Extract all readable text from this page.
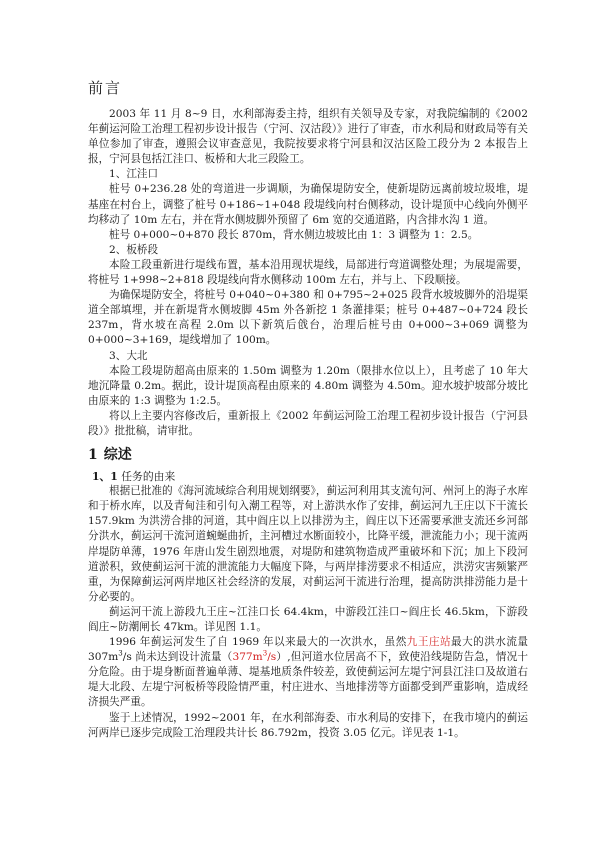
前言

2003 年 11 月 8~9 日，水利部海委主持，组织有关领导及专家，对我院编制的《2002 年蓟运河险工治理工程初步设计报告（宁河、汉沽段）》进行了审查，市水利局和财政局等有关单位参加了审查，遵照会议审查意见，我院按要求将宁河县和汉沽区险工段分为 2 本报告上报，宁河县包括江洼口、板桥和大北三段险工。

1、江洼口

桩号 0+236.28 处的弯道进一步调顺，为确保堤防安全，使新堤防远离前坡垃圾堆，堤基座在村台上，调整了桩号 0+186~1+048 段堤线向村台侧移动，设计堤顶中心线向外侧平均移动了 10m 左右，并在背水侧坡脚外预留了 6m 宽的交通道路，内含排水沟 1 道。

桩号 0+000~0+870 段长 870m，背水侧边坡坡比由 1：3 调整为 1：2.5。

2、板桥段

本险工段重新进行堤线布置，基本沿用现状堤线，局部进行弯道调整处理；为展堤需要，将桩号 1+998~2+818 段堤线向背水侧移动 100m 左右，并与上、下段顺接。

为确保堤防安全，将桩号 0+040~0+380 和 0+795~2+025 段背水坡坡脚外的沿堤渠道全部填埋，并在新堤背水侧坡脚 45m 外各新挖 1 条灌排渠；桩号 0+487~0+724 段长 237m，背水坡在高程 2.0m 以下新筑后戗台，治理后桩号由 0+000~3+069 调整为 0+000~3+169，堤线增加了 100m。

3、大北

本险工段堤防超高由原来的 1.50m 调整为 1.20m（限排水位以上），且考虑了 10 年大地沉降量 0.2m。据此，设计堤顶高程由原来的 4.80m 调整为 4.50m。迎水坡护坡部分坡比由原来的 1:3 调整为 1:2.5。

将以上主要内容修改后，重新报上《2002 年蓟运河险工治理工程初步设计报告（宁河县段）》批批稿，请审批。

1 综述
1、1 任务的由来

根据已批准的《海河流域综合利用规划纲要》，蓟运河利用其支流句河、州河上的海子水库和于桥水库，以及青甸洼和引句入潮工程等，对上游洪水作了安排，蓟运河九王庄以下干流长 157.9km 为洪涝合排的河道，其中阎庄以上以排涝为主，阎庄以下还需要承泄支流还乡河部分洪水，蓟运河干流河道蜿蜒曲折，主河槽过水断面较小，比降平缓，泄流能力小；现干流两岸堤防单薄，1976 年唐山发生剧烈地震，对堤防和建筑物造成严重破坏和下沉；加上下段河道淤积，致使蓟运河干流的泄流能力大幅度下降，与两岸排涝要求不相适应，洪涝灾害频繁严重，为保障蓟运河两岸地区社会经济的发展，对蓟运河干流进行治理，提高防洪排涝能力是十分必要的。

蓟运河干流上游段九王庄~江洼口长 64.4km，中游段江洼口~阎庄长 46.5km，下游段阎庄~防潮闸长 47km。详见图 1.1。

1996 年蓟运河发生了自 1969 年以来最大的一次洪水，虽然九王庄站最大的洪水流量 $307m^3/s$ 尚未达到设计流量$(377m^3/s)$,但河道水位居高不下，致使沿线堤防告急，情况十分危险。由于堤身断面普遍单薄、堤基地质条件较差，致使蓟运河左堤宁河县江洼口及故道右堤大北段、左堤宁河板桥等段险情严重，村庄进水、当地排涝等方面都受到严重影响，造成经济损失严重。

鉴于上述情况，1992~2001 年，在水利部海委、市水利局的安排下，在我市境内的蓟运河两岸已逐步完成险工治理段共计长 86.792m，投资 3.05 亿元。详见表 1-1。
